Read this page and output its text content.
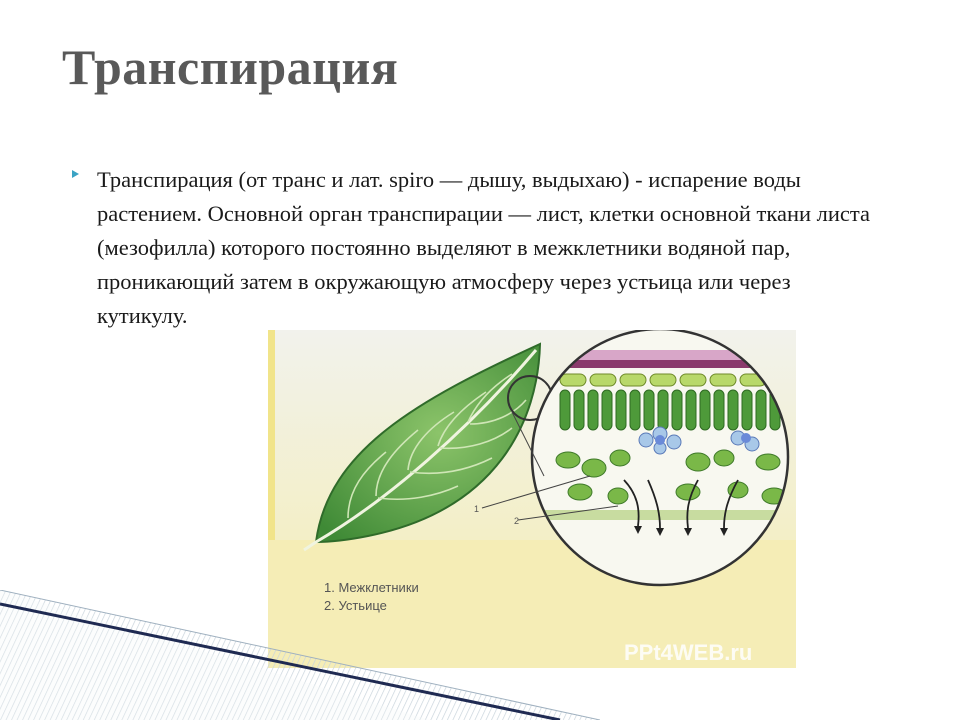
Транспирация
Транспирация (от транс и лат. spiro — дышу, выдыхаю) - испарение воды растением. Основной орган транспирации — лист, клетки основной ткани листа (мезофилла) которого постоянно выделяют в межклетники водяной пар, проникающий затем в окружающую атмосферу через устьица или через кутикулу.
1
2
1. Межклетники
2. Устьице
PPt4WEB.ru
